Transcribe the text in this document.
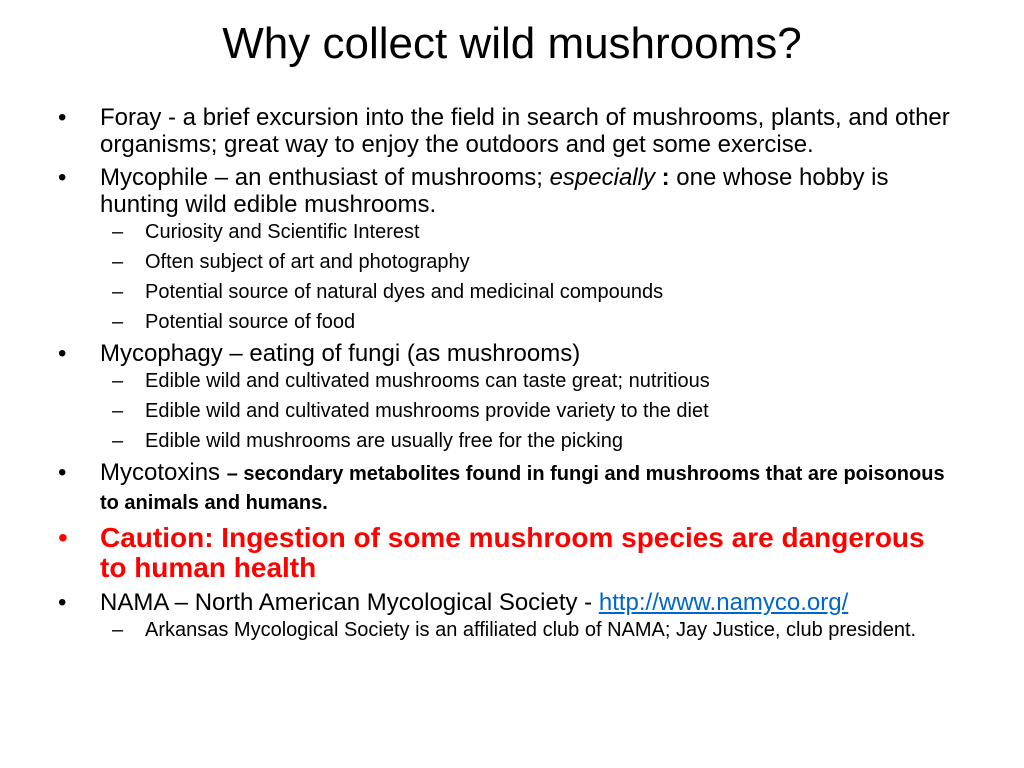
Why collect wild mushrooms?

• Foray - a brief excursion into the field in search of mushrooms, plants, and other organisms; great way to enjoy the outdoors and get some exercise.

• Mycophile – an enthusiast of mushrooms; especially : one whose hobby is hunting wild edible mushrooms.

– Curiosity and Scientific Interest

– Often subject of art and photography

– Potential source of natural dyes and medicinal compounds

– Potential source of food

• Mycophagy – eating of fungi (as mushrooms)

– Edible wild and cultivated mushrooms can taste great; nutritious

– Edible wild and cultivated mushrooms provide variety to the diet

– Edible wild mushrooms are usually free for the picking

• Mycotoxins – secondary metabolites found in fungi and mushrooms that are poisonous to animals and humans.

• Caution: Ingestion of some mushroom species are dangerous to human health

• NAMA – North American Mycological Society - http://www.namyco.org/

– Arkansas Mycological Society is an affiliated club of NAMA; Jay Justice, club president.
